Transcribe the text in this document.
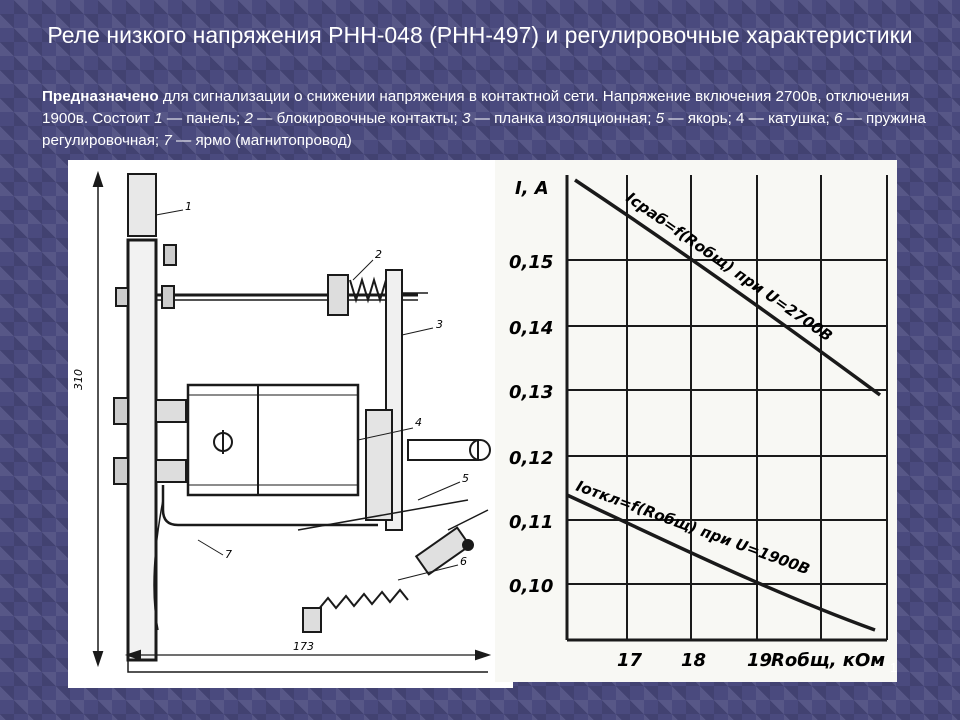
Реле низкого напряжения РНН-048 (РНН-497) и регулировочные характеристики
Предназначено для сигнализации о снижении напряжения в контактной сети. Напряжение включения 2700в, отключения 1900в. Состоит 1 — панель; 2 — блокировочные контакты; 3 — планка изоляционная; 5 — якорь; 4 — катушка; 6 — пружина регулировочная; 7 — ярмо (магнитопровод)
1
2
3
4
5
6
7
310
173
I, A
0,15
0,14
0,13
0,12
0,11
0,10
17 18 19
Rобщ, кОм
Iсраб=f(Rобщ) при U=2700В
Iоткл=f(Rобщ) при U=1900В
1
